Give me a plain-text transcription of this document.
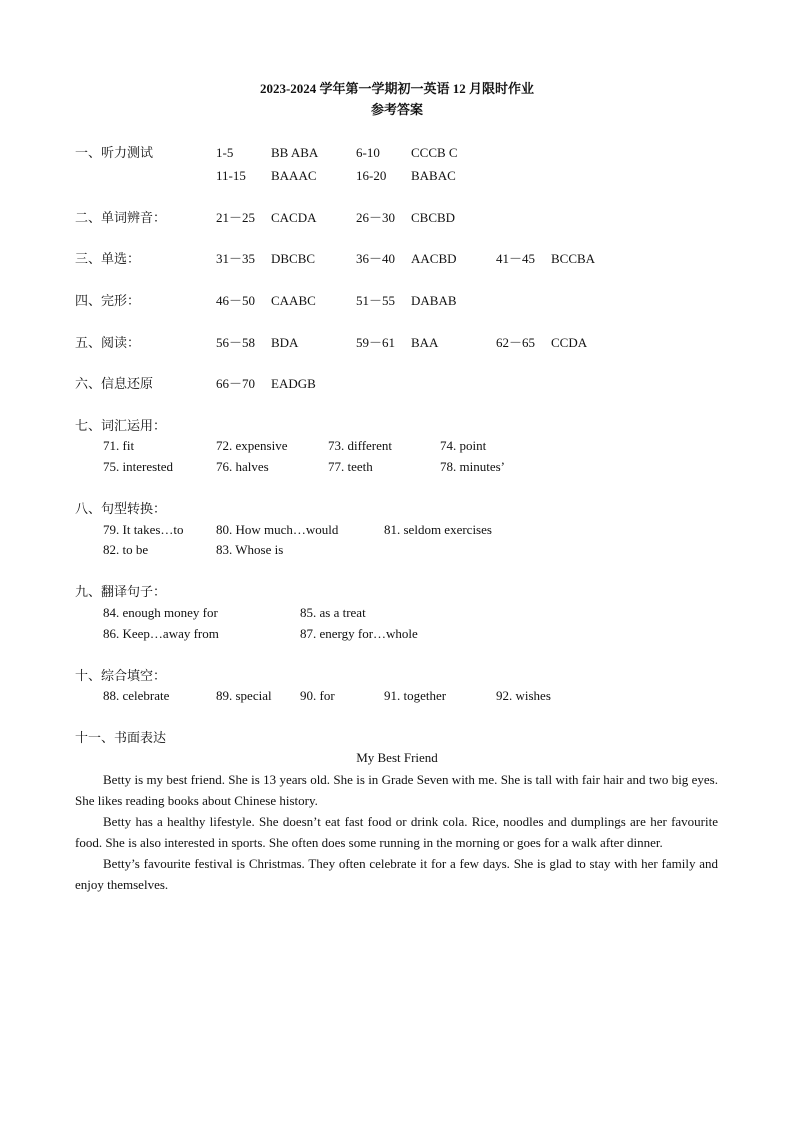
2023-2024 学年第一学期初一英语 12 月限时作业
参考答案
一、听力测试	1-5	BB ABA	6-10 CCCB C
11-15 BAAAC	16-20 BABAC
二、单词辨音：	21－25 CACDA	26－30 CBCBD
三、单选：	31－35 DBCBC	36－40 AACBD	41－45 BCCBA
四、完形：	46－50 CAABC	51－55 DABAB
五、阅读：	56－58 BDA	59－61 BAA	62－65 CCDA
六、信息还原	66－70 EADGB
七、词汇运用：
71. fit	72. expensive	73. different	74. point
75. interested	76. halves	77. teeth	78. minutes’
八、句型转换：
79. It takes…to 80. How much…would	81. seldom exercises
82. to be	83. Whose is
九、翻译句子：
84. enough money for	85. as a treat
86. Keep…away from	87. energy for…whole
十、综合填空：
88. celebrate	89. special 90. for	91. together	92. wishes
十一、书面表达
My Best Friend

Betty is my best friend. She is 13 years old. She is in Grade Seven with me. She is tall with fair hair and two big eyes. She likes reading books about Chinese history.

Betty has a healthy lifestyle. She doesn’t eat fast food or drink cola. Rice, noodles and dumplings are her favourite food. She is also interested in sports. She often does some running in the morning or goes for a walk after dinner.

Betty’s favourite festival is Christmas. They often celebrate it for a few days. She is glad to stay with her family and enjoy themselves.
